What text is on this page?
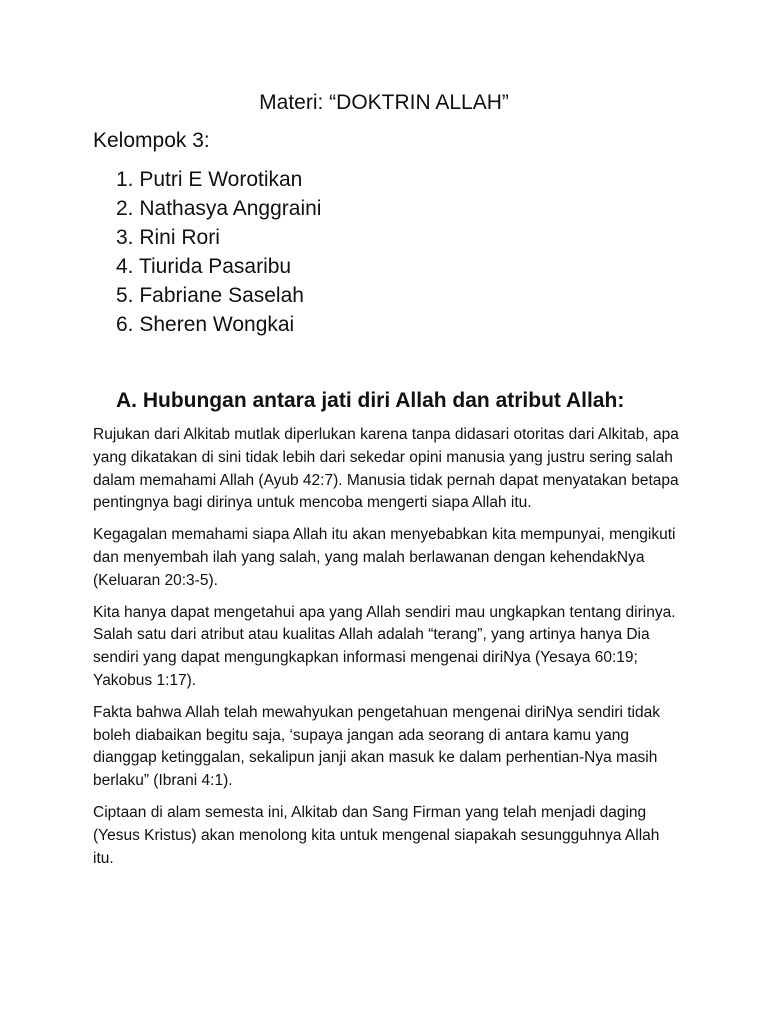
Materi: “DOKTRIN ALLAH”
Kelompok 3:
1. Putri E Worotikan
2. Nathasya Anggraini
3. Rini Rori
4. Tiurida Pasaribu
5. Fabriane Saselah
6. Sheren Wongkai
A. Hubungan antara jati diri Allah dan atribut Allah:

Rujukan dari Alkitab mutlak diperlukan karena tanpa didasari otoritas dari Alkitab, apa yang dikatakan di sini tidak lebih dari sekedar opini manusia yang justru sering salah dalam memahami Allah (Ayub 42:7). Manusia tidak pernah dapat menyatakan betapa pentingnya bagi dirinya untuk mencoba mengerti siapa Allah itu.

Kegagalan memahami siapa Allah itu akan menyebabkan kita mempunyai, mengikuti dan menyembah ilah yang salah, yang malah berlawanan dengan kehendakNya (Keluaran 20:3-5).

Kita hanya dapat mengetahui apa yang Allah sendiri mau ungkapkan tentang dirinya. Salah satu dari atribut atau kualitas Allah adalah “terang”, yang artinya hanya Dia sendiri yang dapat mengungkapkan informasi mengenai diriNya (Yesaya 60:19; Yakobus 1:17).

Fakta bahwa Allah telah mewahyukan pengetahuan mengenai diriNya sendiri tidak boleh diabaikan begitu saja, ‘supaya jangan ada seorang di antara kamu yang dianggap ketinggalan, sekalipun janji akan masuk ke dalam perhentian-Nya masih berlaku” (Ibrani 4:1).

Ciptaan di alam semesta ini, Alkitab dan Sang Firman yang telah menjadi daging (Yesus Kristus) akan menolong kita untuk mengenal siapakah sesungguhnya Allah itu.
